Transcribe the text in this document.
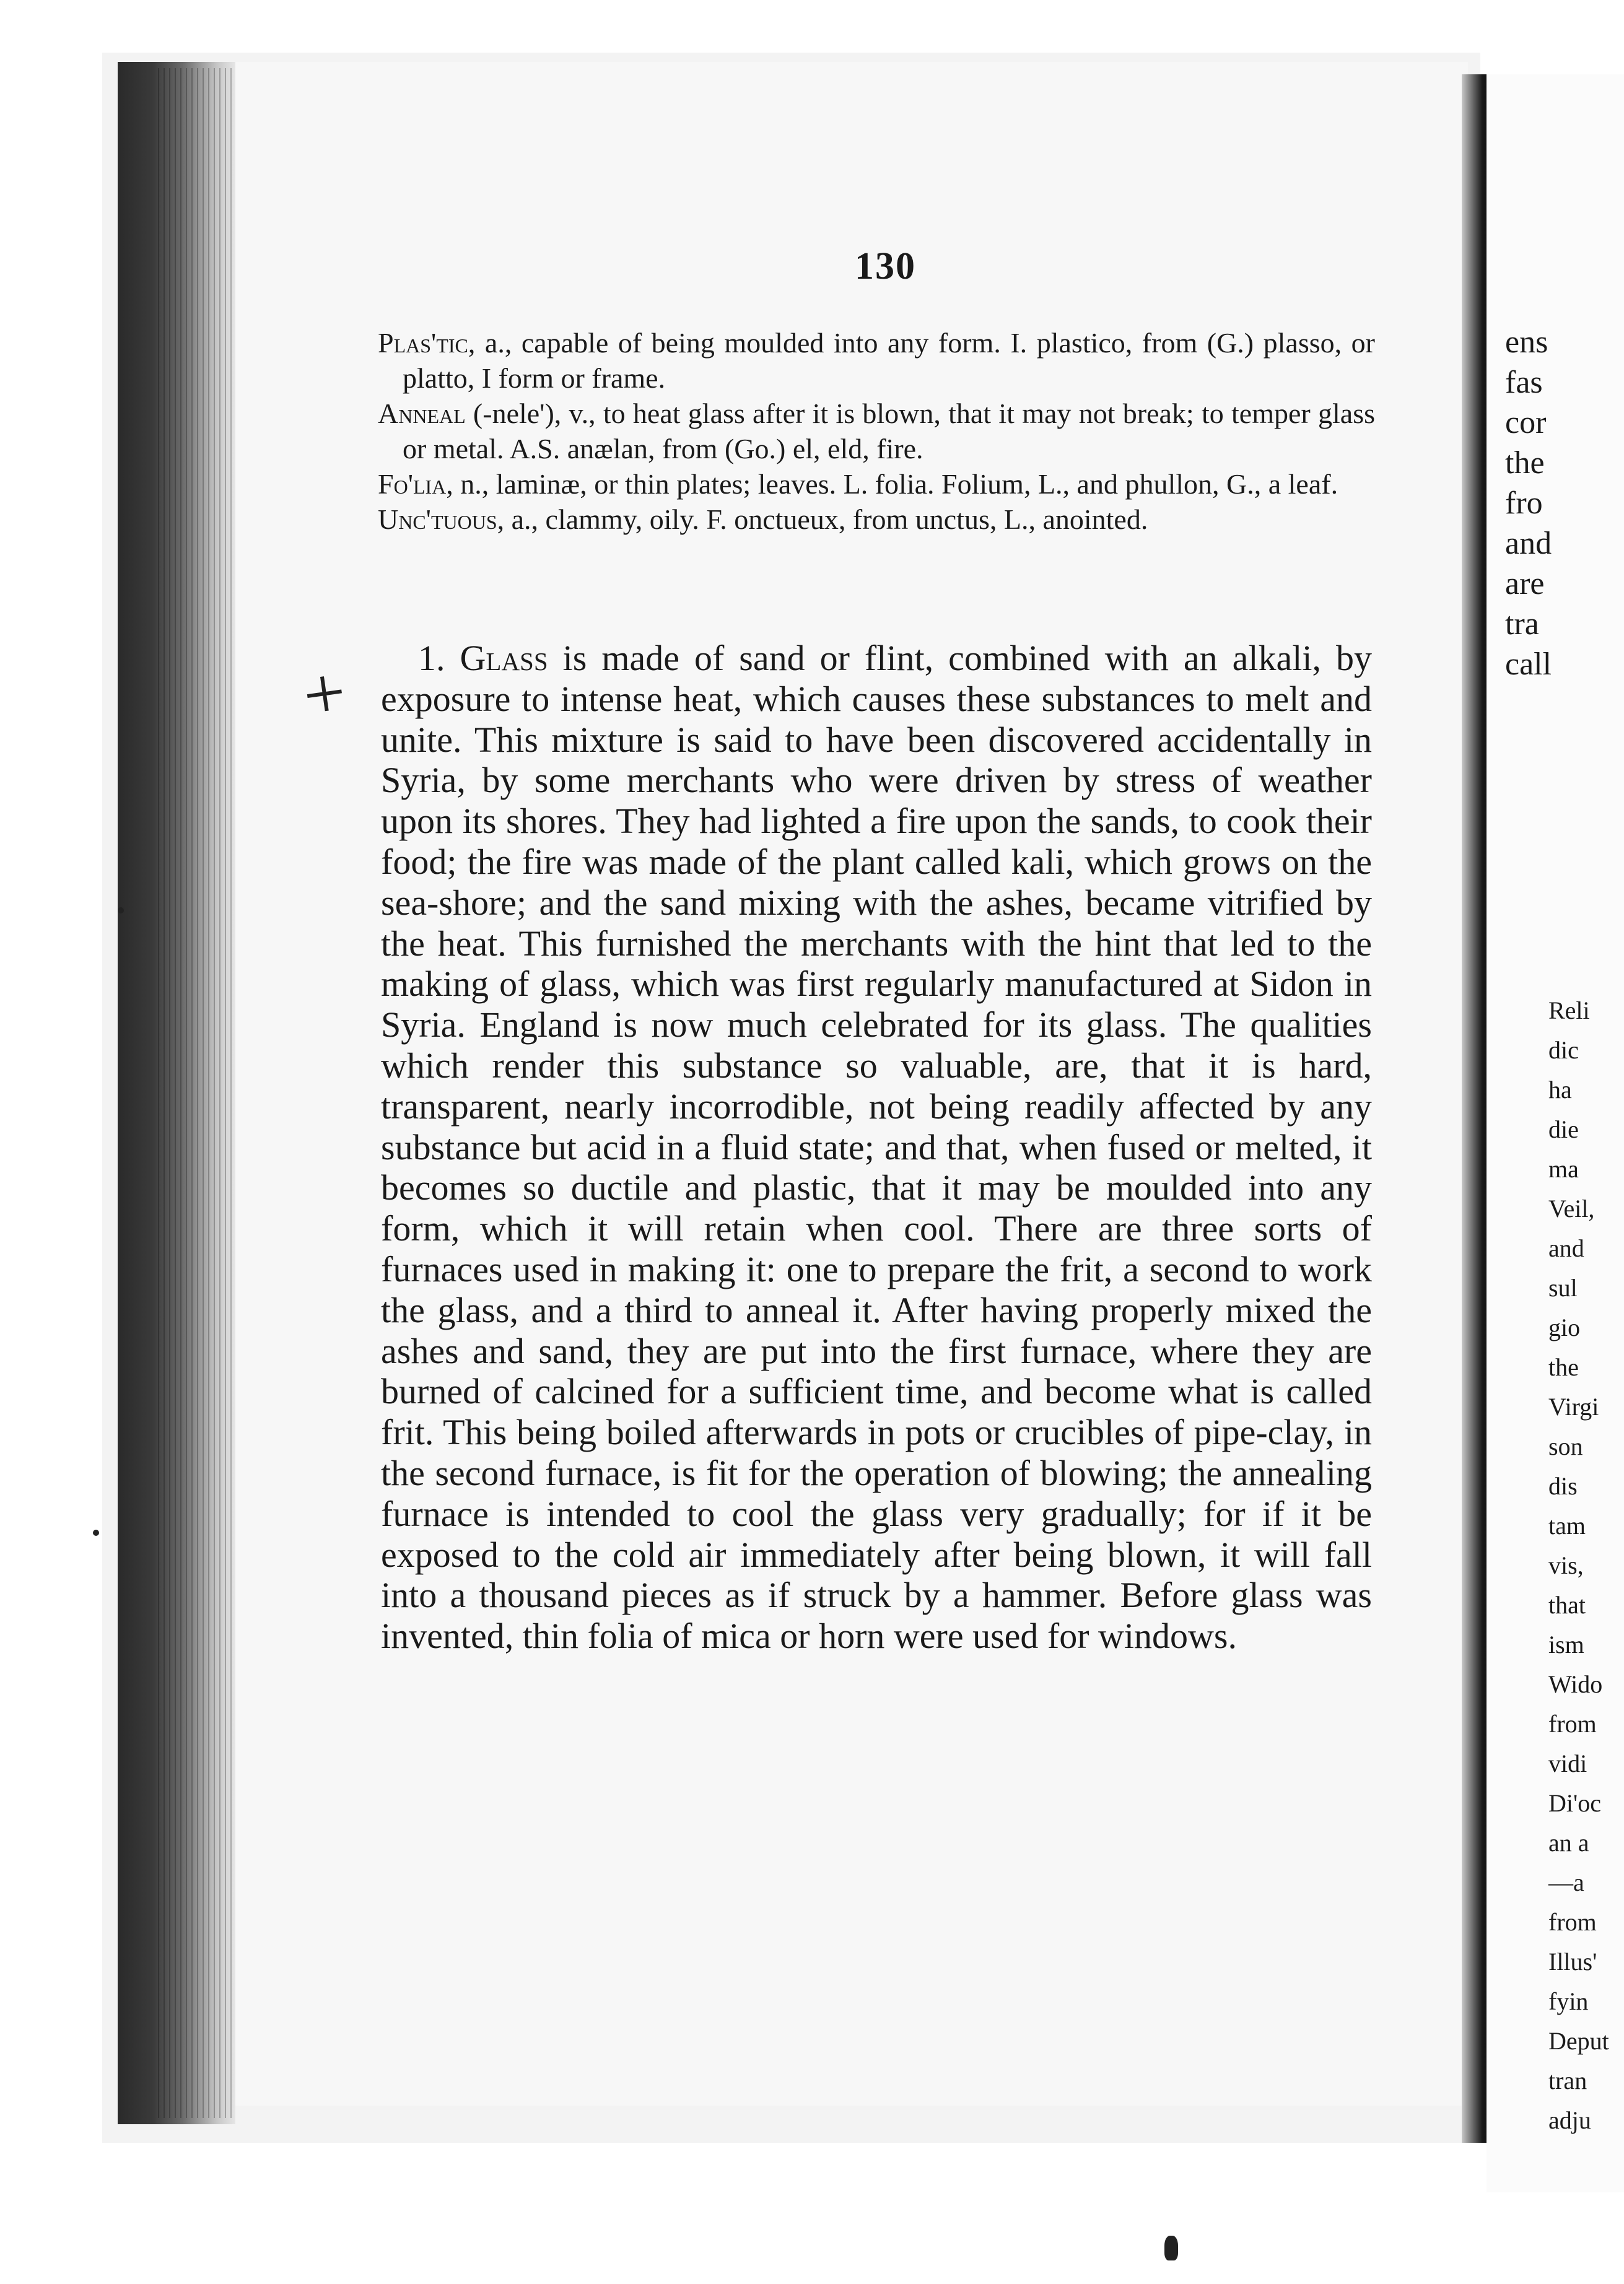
130
Plas'tic, a., capable of being moulded into any form. I. plastico, from (G.) plasso, or platto, I form or frame.
Anneal (-nele'), v., to heat glass after it is blown, that it may not break; to temper glass or metal. A.S. anælan, from (Go.) el, eld, fire.
Fo'lia, n., laminæ, or thin plates; leaves. L. folia. Folium, L., and phullon, G., a leaf.
Unc'tuous, a., clammy, oily. F. onctueux, from unctus, L., anointed.
+	1. Glass is made of sand or flint, combined with an alkali, by exposure to intense heat, which causes these substances to melt and unite. This mixture is said to have been discovered accidentally in Syria, by some merchants who were driven by stress of weather upon its shores. They had lighted a fire upon the sands, to cook their food; the fire was made of the plant called kali, which grows on the sea-shore; and the sand mixing with the ashes, became vitrified by the heat. This furnished the merchants with the hint that led to the making of glass, which was first regularly manufactured at Sidon in Syria. England is now much celebrated for its glass. The qualities which render this substance so valuable, are, that it is hard, transparent, nearly incorrodible, not being readily affected by any substance but acid in a fluid state; and that, when fused or melted, it becomes so ductile and plastic, that it may be moulded into any form, which it will retain when cool. There are three sorts of furnaces used in making it: one to prepare the frit, a second to work the glass, and a third to anneal it. After having properly mixed the ashes and sand, they are put into the first furnace, where they are burned of calcined for a sufficient time, and become what is called frit. This being boiled afterwards in pots or crucibles of pipe-clay, in the second furnace, is fit for the operation of blowing; the annealing furnace is intended to cool the glass very gradually; for if it be exposed to the cold air immediately after being blown, it will fall into a thousand pieces as if struck by a hammer. Before glass was invented, thin folia of mica or horn were used for windows.
ens
fas
cor
the
fro
and
are
tra
call
Reli
dic
ha
die
ma
Veil,
and
sul
gio
the
Virgi
son
dis
tam
vis,
that
ism
Wido
from
vidi
Di'oc
an a
—a
from
Illus'
fyin
Deput
tran
adju
